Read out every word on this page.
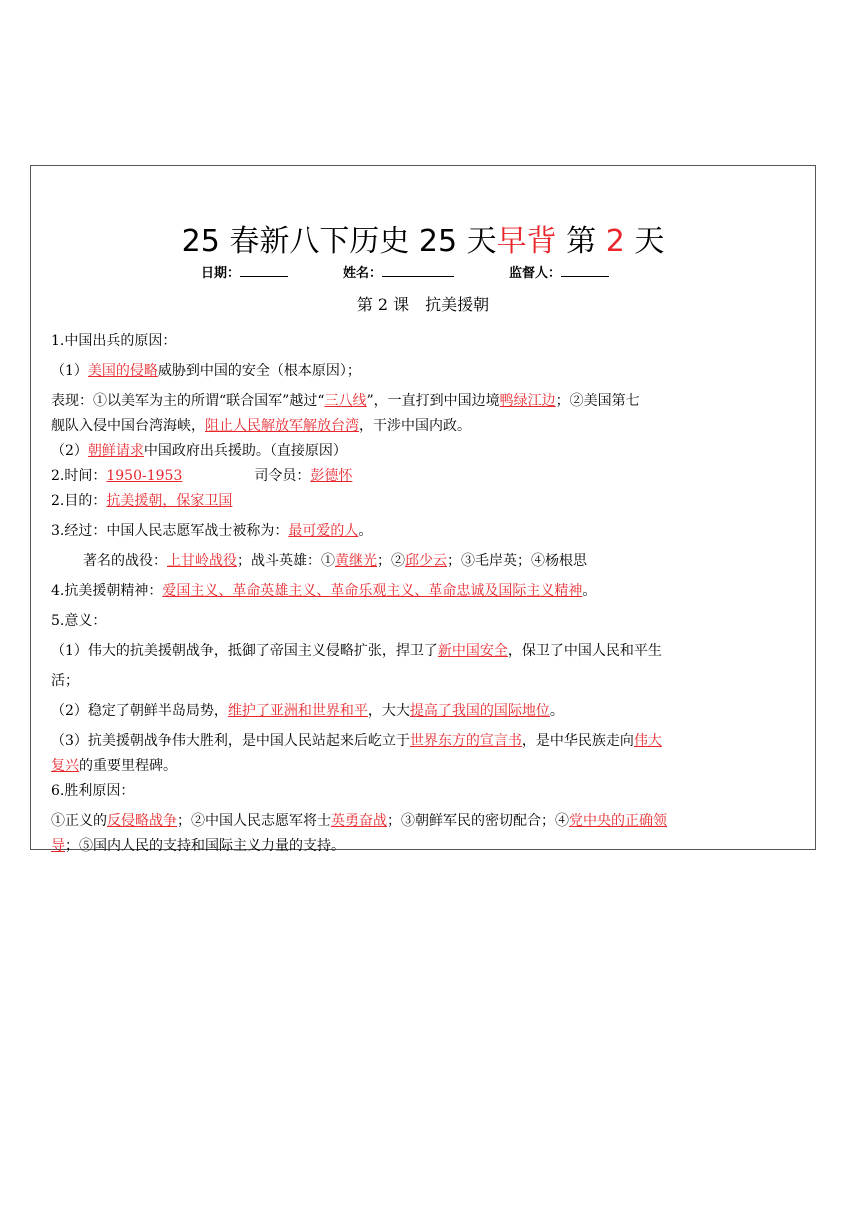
25 春新八下历史 25 天早背 第 2 天
日期：	姓名：	监督人：
第 2 课　抗美援朝
1.中国出兵的原因：
（1）美国的侵略威胁到中国的安全（根本原因）；
表现：①以美军为主的所谓“联合国军”越过“三八线”，一直打到中国边境鸭绿江边；②美国第七
舰队入侵中国台湾海峡，阻止人民解放军解放台湾，干涉中国内政。
（2）朝鲜请求中国政府出兵援助。（直接原因）
2.时间：1950-1953	司令员：彭德怀
2.目的：抗美援朝，保家卫国
3.经过：中国人民志愿军战士被称为：最可爱的人。
著名的战役：上甘岭战役；战斗英雄：①黄继光；②邱少云；③毛岸英；④杨根思
4.抗美援朝精神：爱国主义、革命英雄主义、革命乐观主义、革命忠诚及国际主义精神。
5.意义：
（1）伟大的抗美援朝战争，抵御了帝国主义侵略扩张，捍卫了新中国安全，保卫了中国人民和平生
活；
（2）稳定了朝鲜半岛局势，维护了亚洲和世界和平，大大提高了我国的国际地位。
（3）抗美援朝战争伟大胜利，是中国人民站起来后屹立于世界东方的宣言书，是中华民族走向伟大
复兴的重要里程碑。
6.胜利原因：
①正义的反侵略战争；②中国人民志愿军将士英勇奋战；③朝鲜军民的密切配合；④党中央的正确领
导；⑤国内人民的支持和国际主义力量的支持。
